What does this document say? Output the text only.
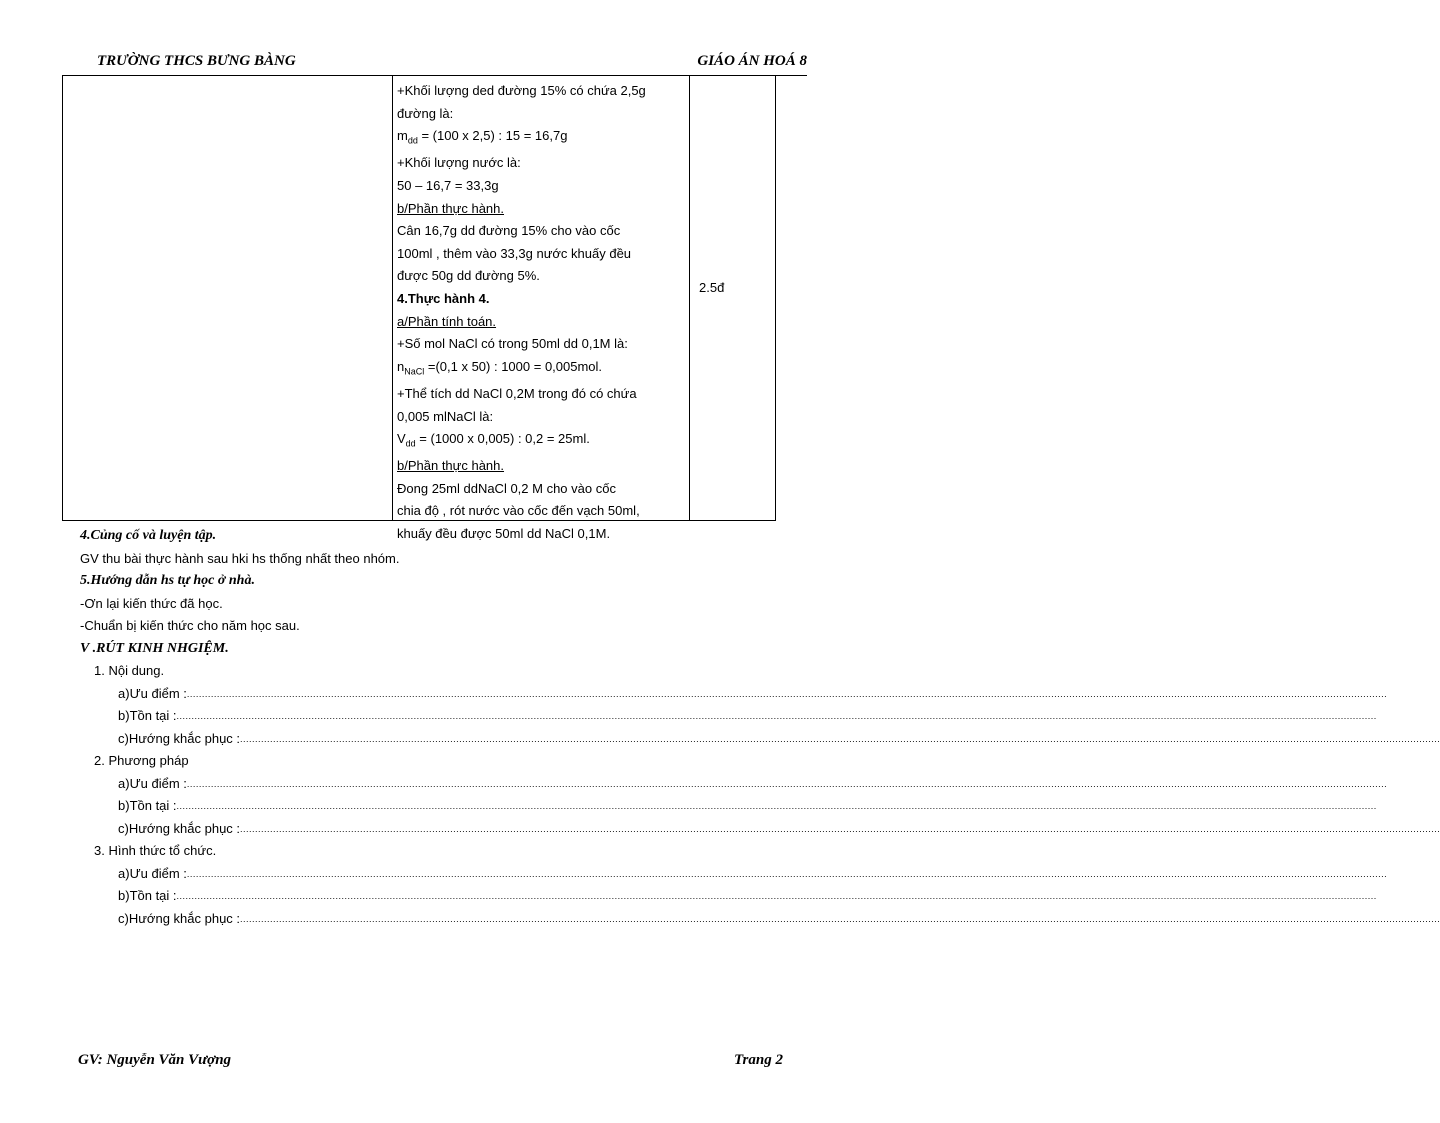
TRƯỜNG THCS BƯNG BÀNG	GIÁO ÁN HOÁ 8

+Khối lượng ded đường 15% có chứa 2,5g

đường là:

$m_{dd} = (100$ x 2,5) : 15 = 16,7g

+Khối lượng nước là:

50 – 16,7 = 33,3g

b/Phần thực hành.

Cân 16,7g dd đường 15% cho vào cốc

100ml , thêm vào 33,3g nước khuấy đều

được 50g dd đường 5%.

4.Thực hành 4.

a/Phần tính toán.

+Số mol NaCl có trong 50ml dd 0,1M là:

$n_{NaCl} =(0,1$ x 50) : 1000 = 0,005mol.

+Thể tích dd NaCl 0,2M trong đó có chứa

0,005 mlNaCl là:

$V_{dd} = (1000$ x 0,005) : 0,2 = 25ml.

b/Phần thực hành.

Đong 25ml ddNaCl 0,2 M cho vào cốc

chia độ , rót nước vào cốc đến vạch 50ml,

khuấy đều được 50ml dd NaCl 0,1M.

2.5đ

4.Củng cố và luyện tập.

GV thu bài thực hành sau hki hs thống nhất theo nhóm.

5.Hướng dẫn hs tự học ở nhà.

-Ơn lại kiến thức đã học.

-Chuẩn bị kiến thức cho năm học sau.

V .RÚT KINH NHGIỆM.

1. Nội dung.
a) Ưu điểm : ................................................................................................................................................................................................................................................................................................................................................................................................................
b) Tồn tại : ................................................................................................................................................................................................................................................................................................................................................................................................................
c) Hướng khắc phục : ................................................................................................................................................................................................................................................................................................................................................................................................................
2. Phương pháp
a) Ưu điểm : ................................................................................................................................................................................................................................................................................................................................................................................................................
b) Tồn tại : ................................................................................................................................................................................................................................................................................................................................................................................................................
c) Hướng khắc phục : ................................................................................................................................................................................................................................................................................................................................................................................................................
3. Hình thức tổ chức.
a) Ưu điểm : ................................................................................................................................................................................................................................................................................................................................................................................................................
b) Tồn tại : ................................................................................................................................................................................................................................................................................................................................................................................................................
c) Hướng khắc phục : ................................................................................................................................................................................................................................................................................................................................................................................................................
GV: Nguyễn Văn Vượng	Trang 2
